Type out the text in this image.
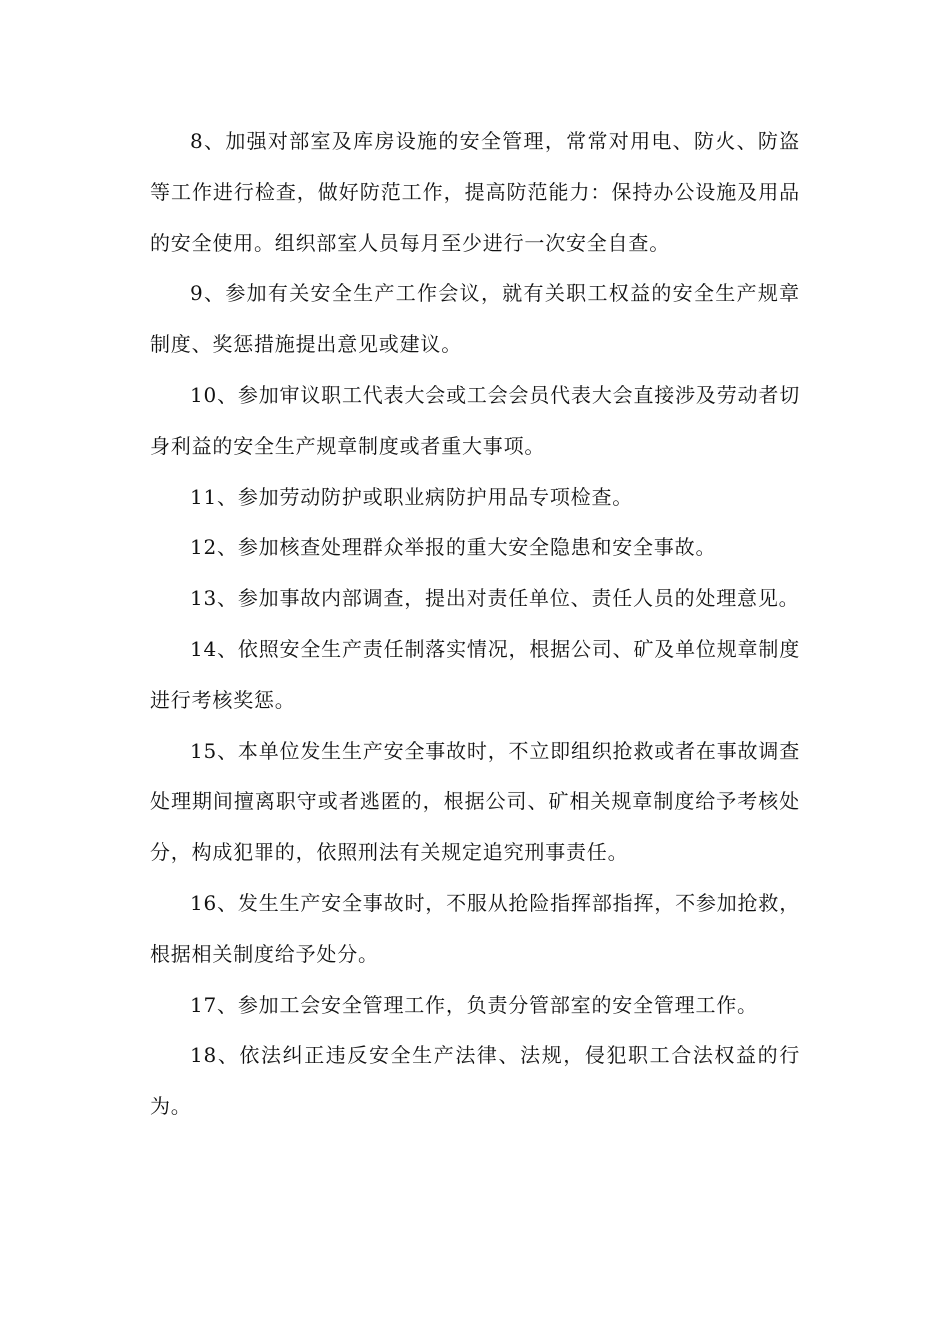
8、加强对部室及库房设施的安全管理，常常对用电、防火、防盗等工作进行检查，做好防范工作，提高防范能力：保持办公设施及用品的安全使用。组织部室人员每月至少进行一次安全自查。

9、参加有关安全生产工作会议，就有关职工权益的安全生产规章制度、奖惩措施提出意见或建议。

10、参加审议职工代表大会或工会会员代表大会直接涉及劳动者切身利益的安全生产规章制度或者重大事项。

11、参加劳动防护或职业病防护用品专项检查。

12、参加核查处理群众举报的重大安全隐患和安全事故。

13、参加事故内部调查，提出对责任单位、责任人员的处理意见。

14、依照安全生产责任制落实情况，根据公司、矿及单位规章制度进行考核奖惩。

15、本单位发生生产安全事故时，不立即组织抢救或者在事故调查处理期间擅离职守或者逃匿的，根据公司、矿相关规章制度给予考核处分，构成犯罪的，依照刑法有关规定追究刑事责任。

16、发生生产安全事故时，不服从抢险指挥部指挥，不参加抢救，根据相关制度给予处分。

17、参加工会安全管理工作，负责分管部室的安全管理工作。

18、依法纠正违反安全生产法律、法规，侵犯职工合法权益的行为。
